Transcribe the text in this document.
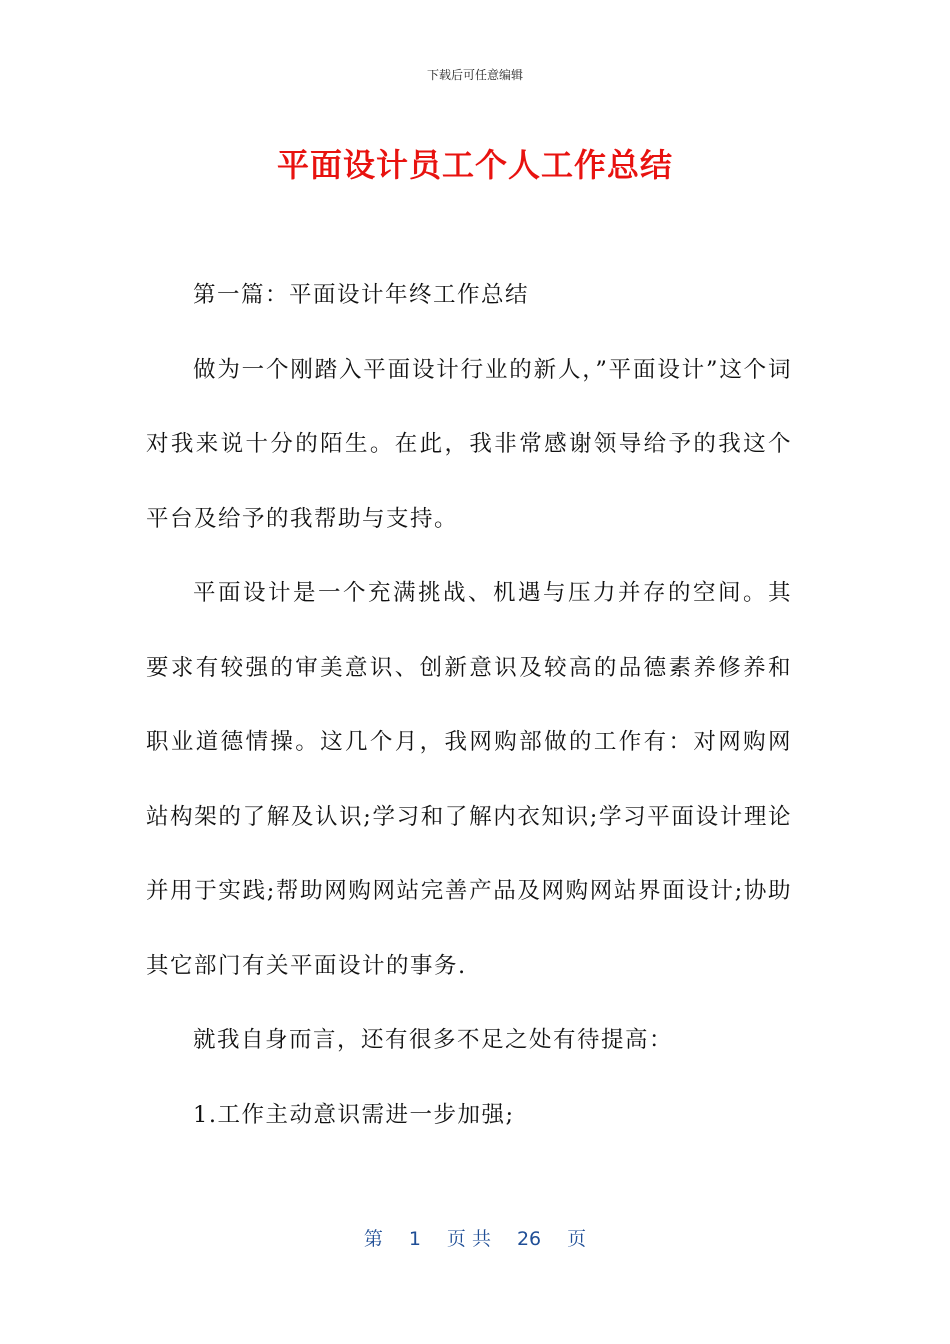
下载后可任意编辑
平面设计员工个人工作总结

第一篇：平面设计年终工作总结

做为一个刚踏入平面设计行业的新人，”平面设计”这个词对我来说十分的陌生。在此，我非常感谢领导给予的我这个平台及给予的我帮助与支持。

平面设计是一个充满挑战、机遇与压力并存的空间。其要求有较强的审美意识、创新意识及较高的品德素养修养和职业道德情操。这几个月，我网购部做的工作有：对网购网站构架的了解及认识;学习和了解内衣知识;学习平面设计理论并用于实践;帮助网购网站完善产品及网购网站界面设计;协助其它部门有关平面设计的事务.

就我自身而言，还有很多不足之处有待提高：

1.工作主动意识需进一步加强;

第 1 页 共 26 页
